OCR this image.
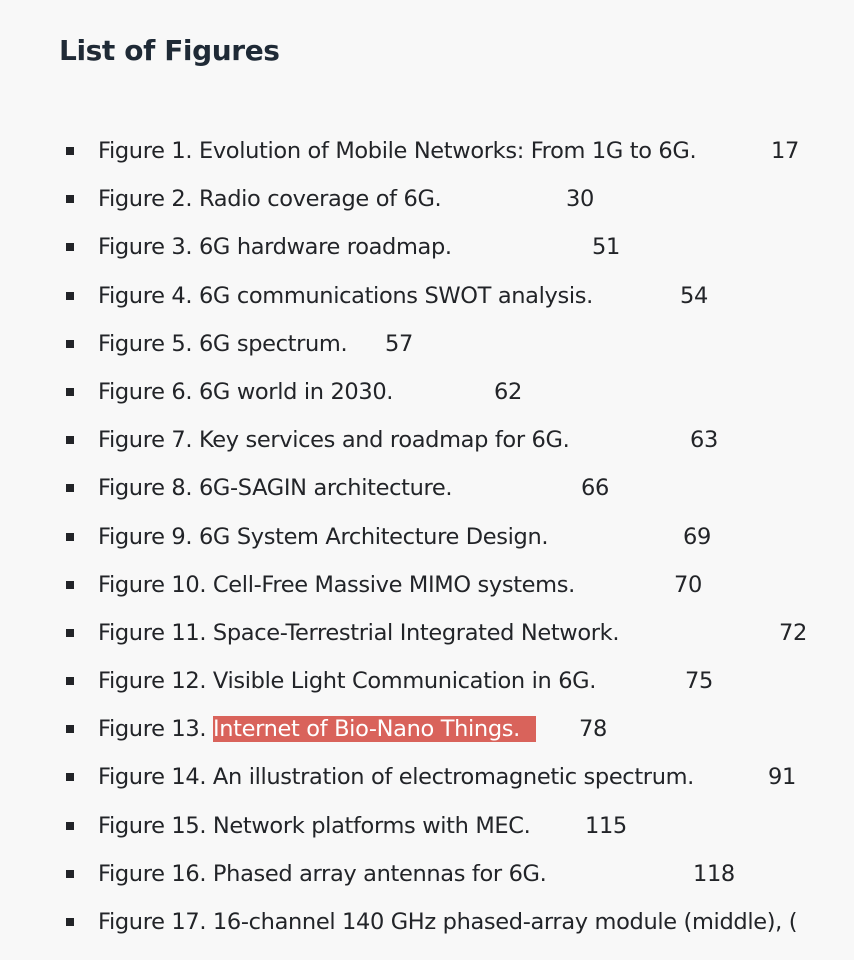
List of Figures
Figure 1. Evolution of Mobile Networks: From 1G to 6G.	17
Figure 2. Radio coverage of 6G.	30
Figure 3. 6G hardware roadmap.	51
Figure 4. 6G communications SWOT analysis.	54
Figure 5. 6G spectrum. 57
Figure 6. 6G world in 2030.	62
Figure 7. Key services and roadmap for 6G.	63
Figure 8. 6G-SAGIN architecture.	66
Figure 9. 6G System Architecture Design.	69
Figure 10. Cell-Free Massive MIMO systems.	70
Figure 11. Space-Terrestrial Integrated Network.	72
Figure 12. Visible Light Communication in 6G.	75
Figure 13. Internet of Bio-Nano Things.	78
Figure 14. An illustration of electromagnetic spectrum.	91
Figure 15. Network platforms with MEC. 115
Figure 16. Phased array antennas for 6G.	118
Figure 17. 16-channel 140 GHz phased-array module (middle), (
